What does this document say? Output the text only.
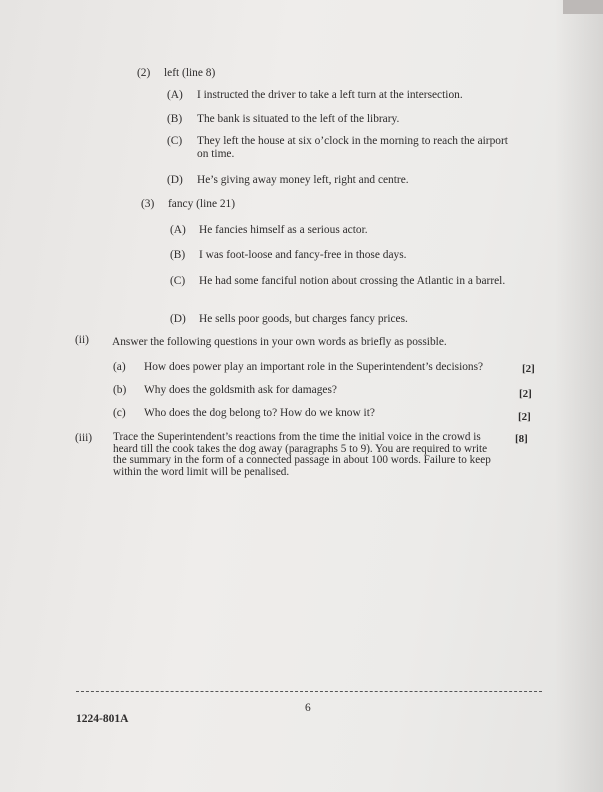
(2) left (line 8)
(A) I instructed the driver to take a left turn at the intersection.
(B) The bank is situated to the left of the library.
(C) They left the house at six o’clock in the morning to reach the airport on time.
(D) He’s giving away money left, right and centre.
(3) fancy (line 21)
(A) He fancies himself as a serious actor.
(B) I was foot-loose and fancy-free in those days.
(C) He had some fanciful notion about crossing the Atlantic in a barrel.
(D) He sells poor goods, but charges fancy prices.
(ii) Answer the following questions in your own words as briefly as possible.
(a) How does power play an important role in the Superintendent’s decisions?	[2]
(b) Why does the goldsmith ask for damages?	[2]
(c) Who does the dog belong to? How do we know it?	[2]
(iii) Trace the Superintendent’s reactions from the time the initial voice in the crowd is heard till the cook takes the dog away (paragraphs 5 to 9). You are required to write the summary in the form of a connected passage in about 100 words. Failure to keep within the word limit will be penalised.
[8]
6
1224-801A
